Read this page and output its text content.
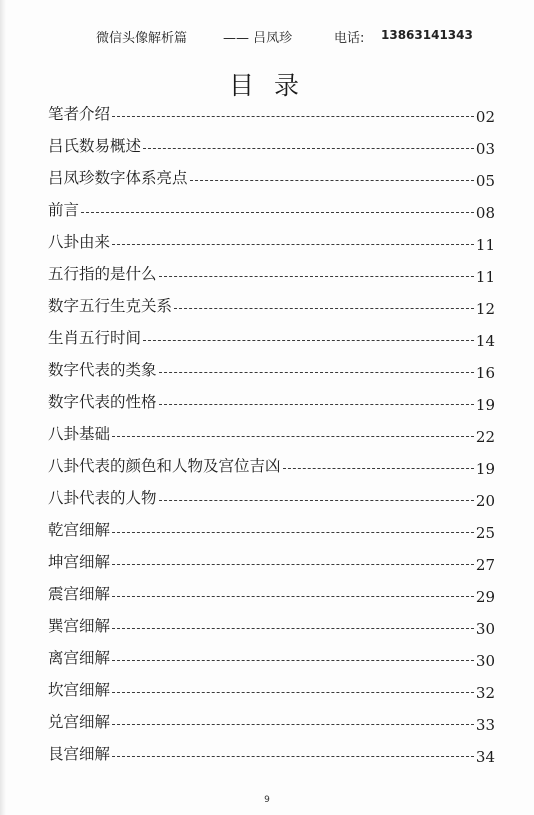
微信头像解析篇	—— 吕凤珍	电话: 13863141343
目 录
笔者介绍	02
吕氏数易概述	03
吕凤珍数字体系亮点	05
前言	08
八卦由来	11
五行指的是什么	11
数字五行生克关系	12
生肖五行时间	14
数字代表的类象	16
数字代表的性格	19
八卦基础	22
八卦代表的颜色和人物及宫位吉凶	19
八卦代表的人物	20
乾宫细解	25
坤宫细解	27
震宫细解	29
巽宫细解	30
离宫细解	30
坎宫细解	32
兑宫细解	33
艮宫细解	34
9
